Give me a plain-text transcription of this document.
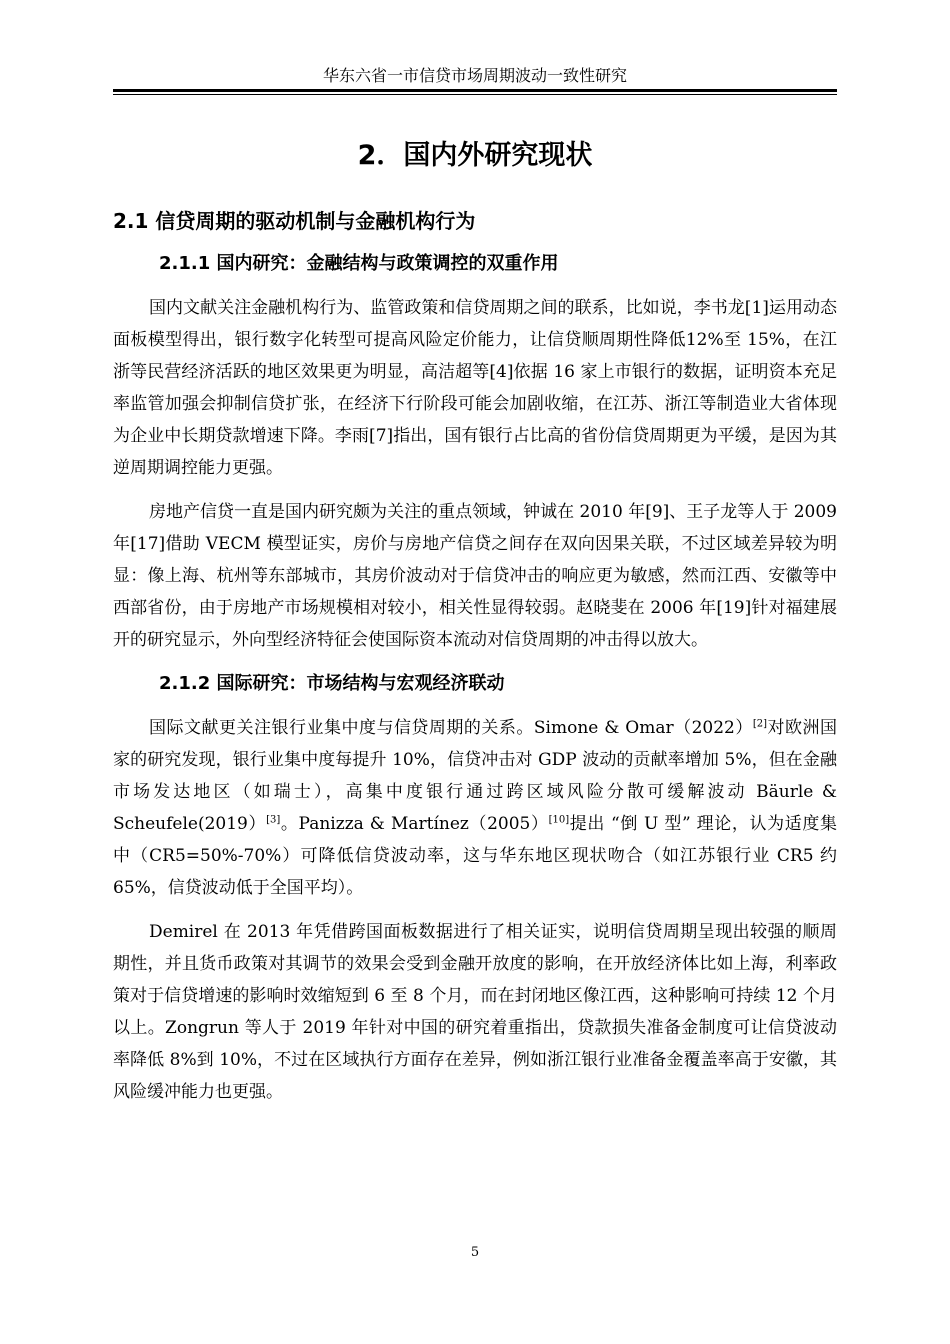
华东六省一市信贷市场周期波动一致性研究
2．国内外研究现状
2.1 信贷周期的驱动机制与金融机构行为
2.1.1 国内研究：金融结构与政策调控的双重作用

国内文献关注金融机构行为、监管政策和信贷周期之间的联系，比如说，李书龙[1]运用动态面板模型得出，银行数字化转型可提高风险定价能力，让信贷顺周期性降低12%至 15%，在江浙等民营经济活跃的地区效果更为明显，高洁超等[4]依据 16 家上市银行的数据，证明资本充足率监管加强会抑制信贷扩张，在经济下行阶段可能会加剧收缩，在江苏、浙江等制造业大省体现为企业中长期贷款增速下降。李雨[7]指出，国有银行占比高的省份信贷周期更为平缓，是因为其逆周期调控能力更强。

房地产信贷一直是国内研究颇为关注的重点领域，钟诚在 2010 年[9]、王子龙等人于 2009 年[17]借助 VECM 模型证实，房价与房地产信贷之间存在双向因果关联，不过区域差异较为明显：像上海、杭州等东部城市，其房价波动对于信贷冲击的响应更为敏感，然而江西、安徽等中西部省份，由于房地产市场规模相对较小，相关性显得较弱。赵晓斐在 2006 年[19]针对福建展开的研究显示，外向型经济特征会使国际资本流动对信贷周期的冲击得以放大。

2.1.2 国际研究：市场结构与宏观经济联动

国际文献更关注银行业集中度与信贷周期的关系。Simone & Omar（2022）[2]对欧洲国家的研究发现，银行业集中度每提升 10%，信贷冲击对 GDP 波动的贡献率增加 5%，但在金融市场发达地区（如瑞士），高集中度银行通过跨区域风险分散可缓解波动 Bäurle & Scheufele(2019）[3]。Panizza & Martínez（2005）[10]提出 “倒 U 型” 理论，认为适度集中（CR5=50%-70%）可降低信贷波动率，这与华东地区现状吻合（如江苏银行业 CR5 约 65%，信贷波动低于全国平均）。

Demirel 在 2013 年凭借跨国面板数据进行了相关证实，说明信贷周期呈现出较强的顺周期性，并且货币政策对其调节的效果会受到金融开放度的影响，在开放经济体比如上海，利率政策对于信贷增速的影响时效缩短到 6 至 8 个月，而在封闭地区像江西，这种影响可持续 12 个月以上。Zongrun 等人于 2019 年针对中国的研究着重指出，贷款损失准备金制度可让信贷波动率降低 8%到 10%，不过在区域执行方面存在差异，例如浙江银行业准备金覆盖率高于安徽，其风险缓冲能力也更强。

5
